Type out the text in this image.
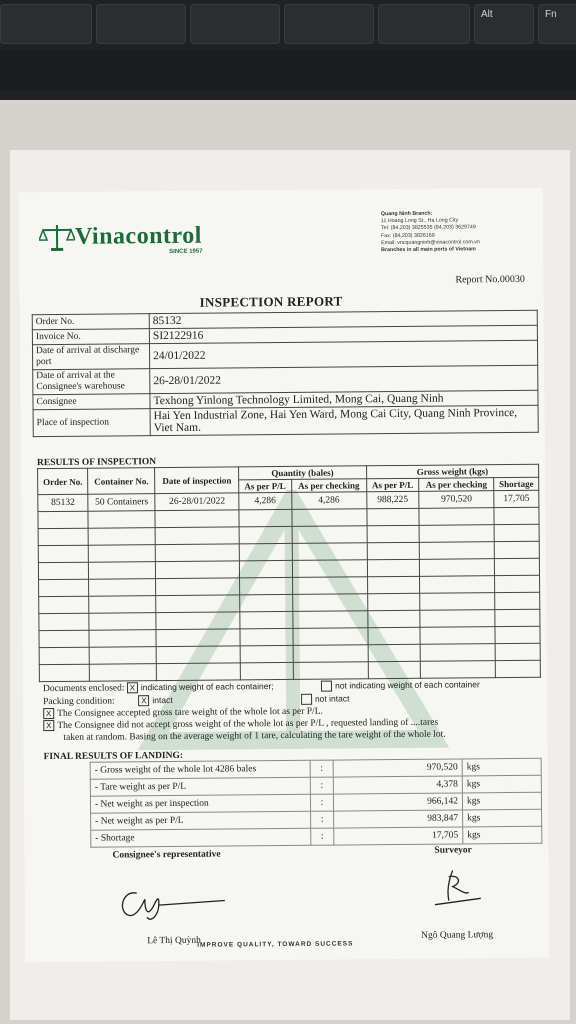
Alt	Fn
Vinacontrol
SINCE 1957
Quang Ninh Branch:
11 Hoang Long St., Ha Long City
Tel: (84.203) 3825535 (84.203) 3629749
Fax: (84.203) 3826169
Email: vncquangninh@vinacontrol.com.vn
Branches in all main ports of Vietnam
Report No.00030
INSPECTION REPORT
Order No.	85132
Invoice No.	SI2122916
Date of arrival at discharge port	24/01/2022
Date of arrival at the Consignee's warehouse	26-28/01/2022
Consignee	Texhong Yinlong Technology Limited, Mong Cai, Quang Ninh
Place of inspection	Hai Yen Industrial Zone, Hai Yen Ward, Mong Cai City, Quang Ninh Province, Viet Nam.
RESULTS OF INSPECTION
Order No.	Container No.	Date of inspection	Quantity (bales)		Gross weight (kgs)		
			As per P/L	As per checking	As per P/L	As per checking	Shortage
85132	50 Containers	26-28/01/2022	4,286	4,286	988,225	970,520	17,705

Documents enclosed: X indicating weight of each container;	not indicating weight of each container
Packing condition:	X intact	not intact
X The Consignee accepted gross tare weight of the whole lot as per P/L.
X The Consignee did not accept gross weight of the whole lot as per P/L , requested landing of ....tares
taken at random. Basing on the average weight of 1 tare, calculating the tare weight of the whole lot.
FINAL RESULTS OF LANDING:
- Gross weight of the whole lot 4286 bales	:	970,520	kgs
- Tare weight as per P/L	:	4,378	kgs
- Net weight as per inspection	:	966,142	kgs
- Net weight as per P/L	:	983,847	kgs
- Shortage	:	17,705	kgs
Consignee's representative	Surveyor
Lê Thị Quỳnh
IMPROVE QUALITY, TOWARD SUCCESS
Ngô Quang Lượng
